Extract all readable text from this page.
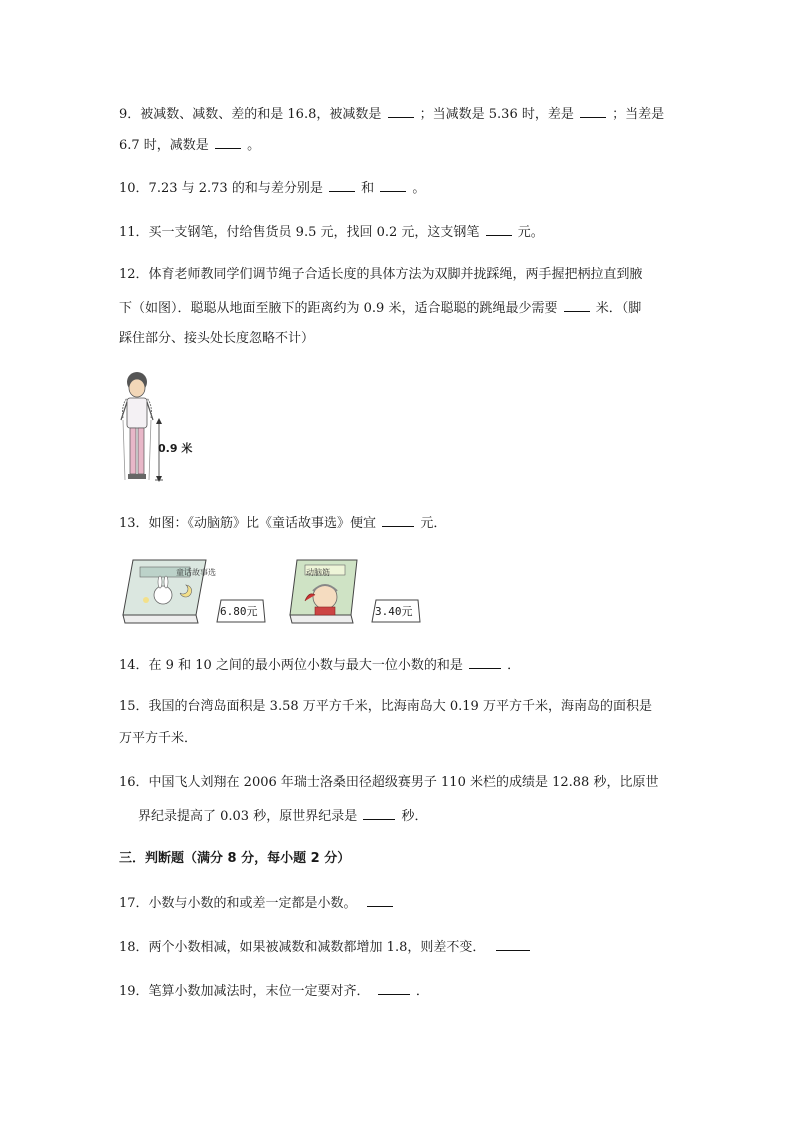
9．被减数、减数、差的和是 16.8，被减数是	；当减数是 5.36 时，差是	；当差是
6.7 时，减数是	。
10．7.23 与 2.73 的和与差分别是	和	。
11．买一支钢笔，付给售货员 9.5 元，找回 0.2 元，这支钢笔	元。
12．体育老师教同学们调节绳子合适长度的具体方法为双脚并拢踩绳，两手握把柄拉直到腋
下（如图）．聪聪从地面至腋下的距离约为 0.9 米，适合聪聪的跳绳最少需要	米．（脚
踩住部分、接头处长度忽略不计）
0.9 米
13．如图：《动脑筋》比《童话故事选》便宜	元．
童话故事选
6.80元
动脑筋
3.40元
14．在 9 和 10 之间的最小两位小数与最大一位小数的和是	．
15．我国的台湾岛面积是 3.58 万平方千米，比海南岛大 0.19 万平方千米，海南岛的面积是
万平方千米．
16．中国飞人刘翔在 2006 年瑞士洛桑田径超级赛男子 110 米栏的成绩是 12.88 秒，比原世
界纪录提高了 0.03 秒，原世界纪录是	秒．
三．判断题（满分 8 分，每小题 2 分）
17．小数与小数的和或差一定都是小数。
18．两个小数相减，如果被减数和减数都增加 1.8，则差不变．
19．笔算小数加减法时，末位一定要对齐．	．
